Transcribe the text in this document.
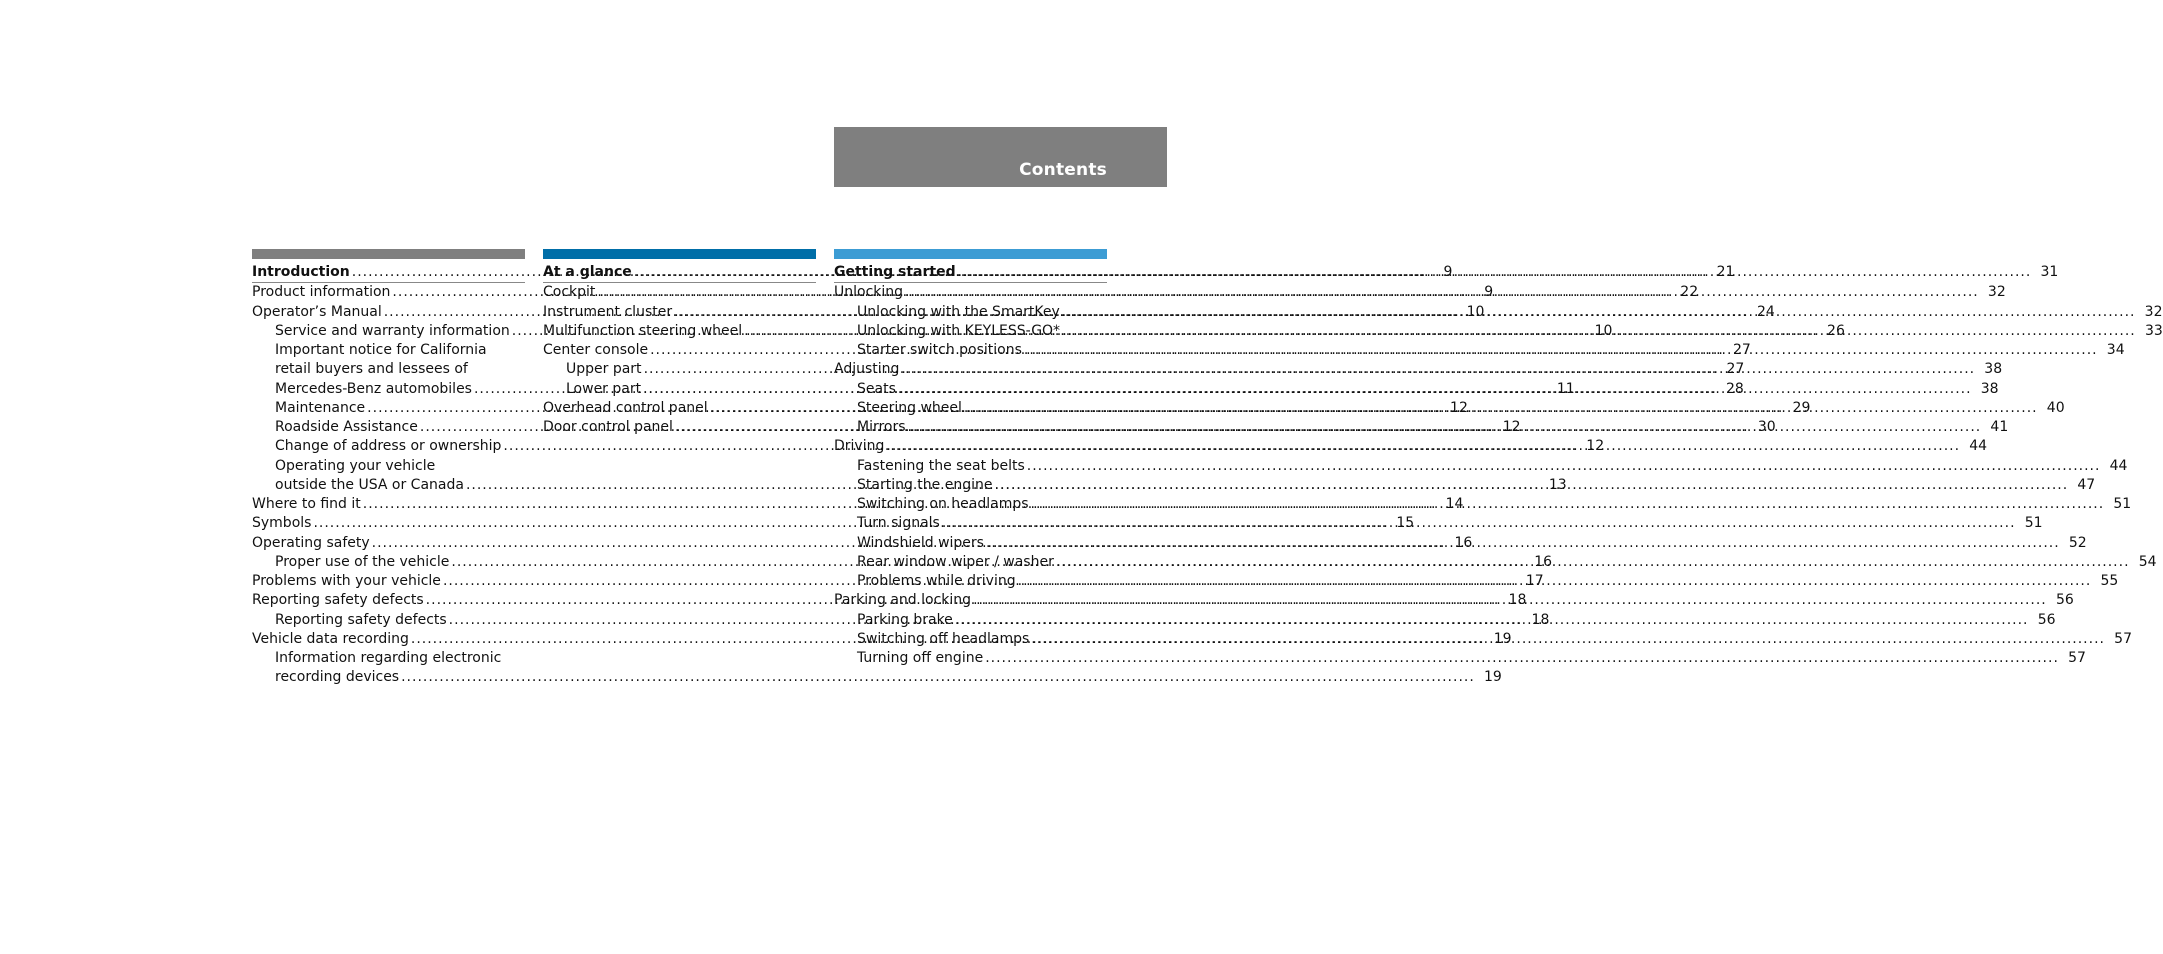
Contents
Introduction .....	9
Product information .....	9
Operator’s Manual .....	10
Service and warranty information .....	10
Important notice for California
retail buyers and lessees of
Mercedes-Benz automobiles .....	11
Maintenance .....	12
Roadside Assistance .....	12
Change of address or ownership .....	12
Operating your vehicle
outside the USA or Canada .....	13
Where to find it .....	14
Symbols .....	15
Operating safety .....	16
Proper use of the vehicle .....	16
Problems with your vehicle .....	17
Reporting safety defects .....	18
Reporting safety defects .....	18
Vehicle data recording .....	19
Information regarding electronic
recording devices .....	19
At a glance .....	21
Cockpit .....	22
Instrument cluster .....	24
Multifunction steering wheel .....	26
Center console .....	27
Upper part .....	27
Lower part .....	28
Overhead control panel .....	29
Door control panel .....	30
Getting started .....	31
Unlocking .....	32
Unlocking with the SmartKey .....	32
Unlocking with KEYLESS-GO* .....	33
Starter switch positions .....	34
Adjusting .....	38
Seats .....	38
Steering wheel .....	40
Mirrors .....	41
Driving .....	44
Fastening the seat belts .....	44
Starting the engine .....	47
Switching on headlamps .....	51
Turn signals .....	51
Windshield wipers .....	52
Rear window wiper / washer .....	54
Problems while driving .....	55
Parking and locking .....	56
Parking brake .....	56
Switching off headlamps .....	57
Turning off engine .....	57
